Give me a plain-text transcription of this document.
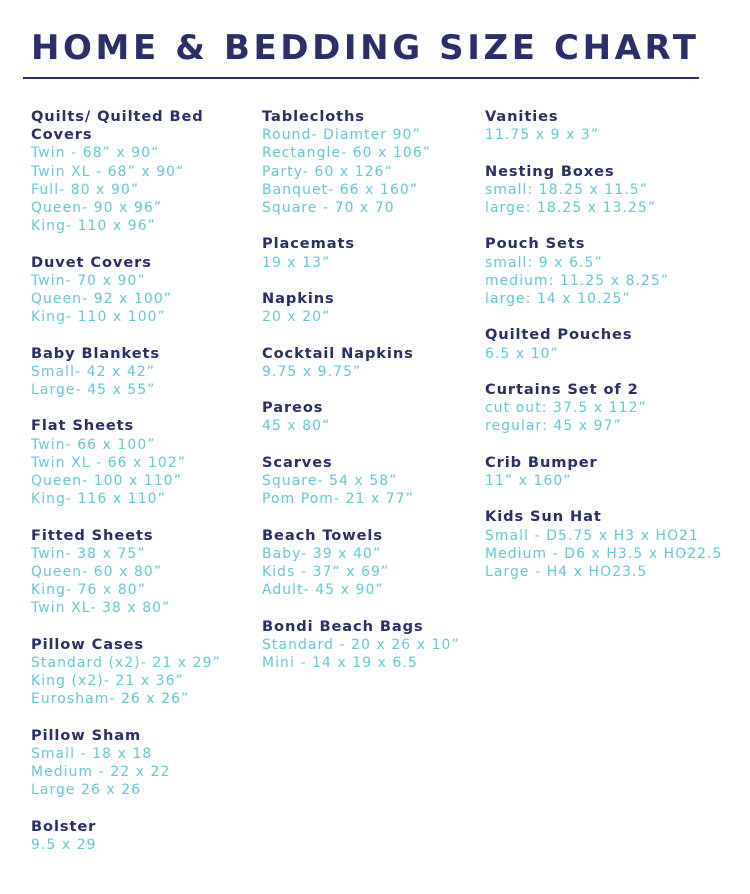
HOME & BEDDING SIZE CHART
Quilts/ Quilted Bed Covers
Twin - 68” x 90“
Twin XL - 68” x 90“
Full- 80 x 90”
Queen- 90 x 96”
King- 110 x 96”
Duvet Covers
Twin- 70 x 90”
Queen- 92 x 100”
King- 110 x 100”
Baby Blankets
Small- 42 x 42”
Large- 45 x 55”
Flat Sheets
Twin- 66 x 100”
Twin XL - 66 x 102”
Queen- 100 x 110”
King- 116 x 110”
Fitted Sheets
Twin- 38 x 75”
Queen- 60 x 80”
King- 76 x 80”
Twin XL- 38 x 80”
Pillow Cases
Standard (x2)- 21 x 29”
King (x2)- 21 x 36”
Eurosham- 26 x 26”
Pillow Sham
Small - 18 x 18
Medium - 22 x 22
Large 26 x 26
Bolster
9.5 x 29
Tablecloths
Round- Diamter 90”
Rectangle- 60 x 106”
Party- 60 x 126“
Banquet- 66 x 160”
Square - 70 x 70
Placemats
19 x 13”
Napkins
20 x 20”
Cocktail Napkins
9.75 x 9.75”
Pareos
45 x 80“
Scarves
Square- 54 x 58”
Pom Pom- 21 x 77”
Beach Towels
Baby- 39 x 40”
Kids - 37“ x 69”
Adult- 45 x 90”
Bondi Beach Bags
Standard - 20 x 26 x 10”
Mini - 14 x 19 x 6.5
Vanities
11.75 x 9 x 3”
Nesting Boxes
small: 18.25 x 11.5”
large: 18.25 x 13.25”
Pouch Sets
small: 9 x 6.5”
medium: 11.25 x 8.25”
large: 14 x 10.25”
Quilted Pouches
6.5 x 10”
Curtains Set of 2
cut out: 37.5 x 112”
regular: 45 x 97”
Crib Bumper
11” x 160”
Kids Sun Hat
Small - D5.75 x H3 x HO21
Medium - D6 x H3.5 x HO22.5
Large - H4 x HO23.5
